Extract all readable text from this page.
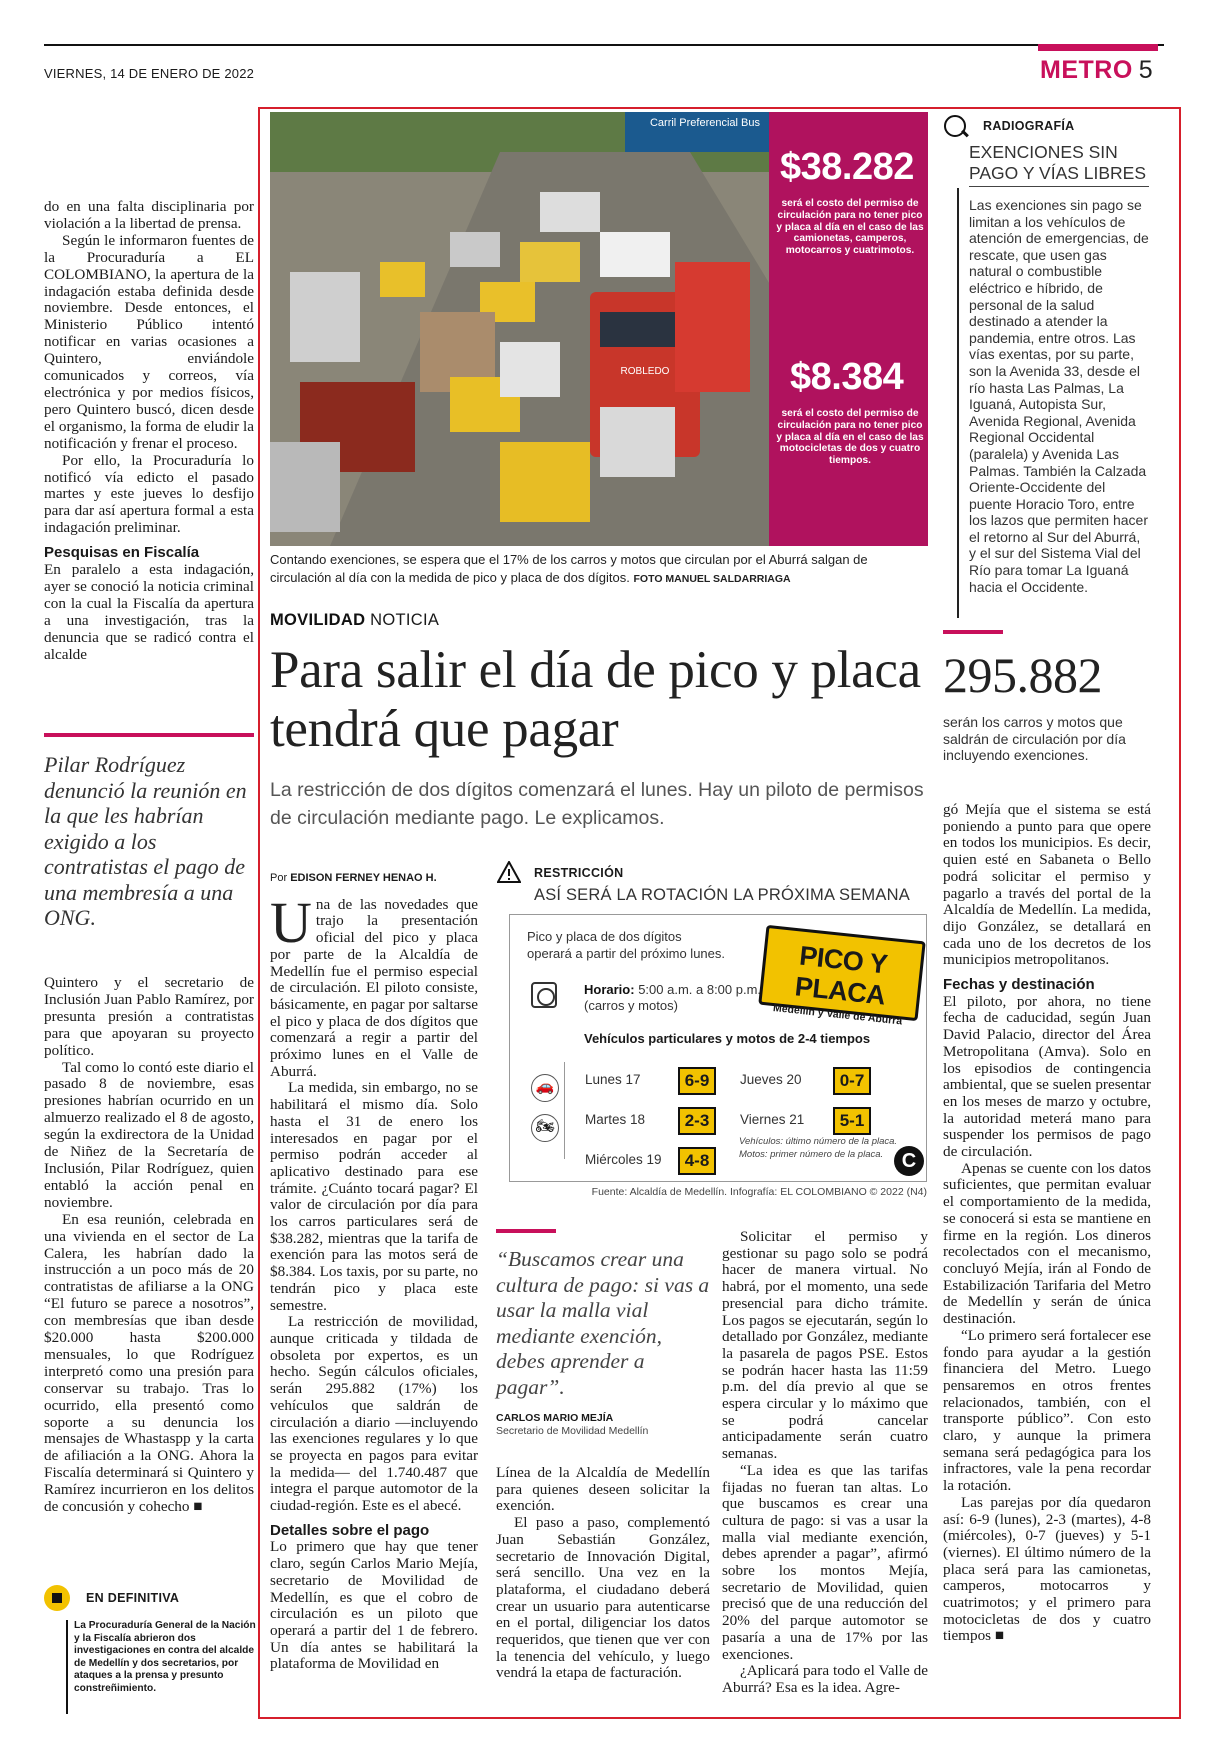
VIERNES, 14 DE ENERO DE 2022	METRO 5

do en una falta disciplinaria por violación a la libertad de prensa.

Según le informaron fuentes de la Procuraduría a EL COLOMBIANO, la apertura de la indagación estaba definida desde noviembre. Desde entonces, el Ministerio Público intentó notificar en varias ocasiones a Quintero, enviándole comunicados y correos, vía electrónica y por medios físicos, pero Quintero buscó, dicen desde el organismo, la forma de eludir la notificación y frenar el proceso.

Por ello, la Procuraduría lo notificó vía edicto el pasado martes y este jueves lo desfijo para dar así apertura formal a esta indagación preliminar.

Pesquisas en Fiscalía

En paralelo a esta indagación, ayer se conoció la noticia criminal con la cual la Fiscalía da apertura a una investigación, tras la denuncia que se radicó contra el alcalde

Pilar Rodríguez denunció la reunión en la que les habrían exigido a los contratistas el pago de una membresía a una ONG.

Quintero y el secretario de Inclusión Juan Pablo Ramírez, por presunta presión a contratistas para que apoyaran su proyecto político.

Tal como lo contó este diario el pasado 8 de noviembre, esas presiones habrían ocurrido en un almuerzo realizado el 8 de agosto, según la exdirectora de la Unidad de Niñez de la Secretaría de Inclusión, Pilar Rodríguez, quien entabló la acción penal en noviembre.

En esa reunión, celebrada en una vivienda en el sector de La Calera, les habrían dado la instrucción a un poco más de 20 contratistas de afiliarse a la ONG “El futuro se parece a nosotros”, con membresías que iban desde $20.000 hasta $200.000 mensuales, lo que Rodríguez interpretó como una presión para conservar su trabajo. Tras lo ocurrido, ella presentó como soporte a su denuncia los mensajes de Whastaspp y la carta de afiliación a la ONG. Ahora la Fiscalía determinará si Quintero y Ramírez incurrieron en los delitos de concusión y cohecho ■

EN DEFINITIVA
La Procuraduría General de la Nación y la Fiscalía abrieron dos investigaciones en contra del alcalde de Medellín y dos secretarios, por ataques a la prensa y presunto constreñimiento.
Carril Preferencial Bus
ROBLEDO
$38.282
será el costo del permiso de circulación para no tener pico y placa al día en el caso de las camionetas, camperos, motocarros y cuatrimotos.
$8.384
será el costo del permiso de circulación para no tener pico y placa al día en el caso de las motocicletas de dos y cuatro tiempos.
Contando exenciones, se espera que el 17% de los carros y motos que circulan por el Aburrá salgan de circulación al día con la medida de pico y placa de dos dígitos. FOTO MANUEL SALDARRIAGA
MOVILIDAD NOTICIA
Para salir el día de pico y placa tendrá que pagar
La restricción de dos dígitos comenzará el lunes. Hay un piloto de permisos de circulación mediante pago. Le explicamos.
RADIOGRAFÍA
EXENCIONES SIN PAGO Y VÍAS LIBRES
Las exenciones sin pago se limitan a los vehículos de atención de emergencias, de rescate, que usen gas natural o combustible eléctrico e híbrido, de personal de la salud destinado a atender la pandemia, entre otros. Las vías exentas, por su parte, son la Avenida 33, desde el río hasta Las Palmas, La Iguaná, Autopista Sur, Avenida Regional, Avenida Regional Occidental (paralela) y Avenida Las Palmas. También la Calzada Oriente-Occidente del puente Horacio Toro, entre los lazos que permiten hacer el retorno al Sur del Aburrá, y el sur del Sistema Vial del Río para tomar La Iguaná hacia el Occidente.
295.882
serán los carros y motos que saldrán de circulación por día incluyendo exenciones.
Por EDISON FERNEY HENAO H.

Una de las novedades que trajo la presentación oficial del pico y placa por parte de la Alcaldía de Medellín fue el permiso especial de circulación. El piloto consiste, básicamente, en pagar por saltarse el pico y placa de dos dígitos que comenzará a regir a partir del próximo lunes en el Valle de Aburrá.

La medida, sin embargo, no se habilitará el mismo día. Solo hasta el 31 de enero los interesados en pagar por el permiso podrán acceder al aplicativo destinado para ese trámite. ¿Cuánto tocará pagar? El valor de circulación por día para los carros particulares será de $38.282, mientras que la tarifa de exención para las motos será de $8.384. Los taxis, por su parte, no tendrán pico y placa este semestre.

La restricción de movilidad, aunque criticada y tildada de obsoleta por expertos, es un hecho. Según cálculos oficiales, serán 295.882 (17%) los vehículos que saldrán de circulación a diario —incluyendo las exenciones regulares y lo que se proyecta en pagos para evitar la medida— del 1.740.487 que integra el parque automotor de la ciudad-región. Este es el abecé.

Detalles sobre el pago

Lo primero que hay que tener claro, según Carlos Mario Mejía, secretario de Movilidad de Medellín, es que el cobro de circulación es un piloto que operará a partir del 1 de febrero. Un día antes se habilitará la plataforma de Movilidad en

RESTRICCIÓN
ASÍ SERÁ LA ROTACIÓN LA PRÓXIMA SEMANA
Pico y placa de dos dígitos
operará a partir del próximo lunes.	PICO Y PLACA
Medellín y Valle de Aburrá
Horario: 5:00 a.m. a 8:00 p.m.
(carros y motos)
Vehículos particulares y motos de 2-4 tiempos
🚗
🏍
Lunes 17	6-9
Martes 18	2-3
Miércoles 19	4-8
Jueves 20	0-7
Viernes 21	5-1
Vehículos: último número de la placa.
Motos: primer número de la placa. C
Fuente: Alcaldía de Medellín. Infografía: EL COLOMBIANO © 2022 (N4)
“Buscamos crear una cultura de pago: si vas a usar la malla vial mediante exención, debes aprender a pagar”.
CARLOS MARIO MEJÍA
Secretario de Movilidad Medellín

Línea de la Alcaldía de Medellín para quienes deseen solicitar la exención.

El paso a paso, complementó Juan Sebastián González, secretario de Innovación Digital, será sencillo. Una vez en la plataforma, el ciudadano deberá crear un usuario para autenticarse en el portal, diligenciar los datos requeridos, que tienen que ver con la tenencia del vehículo, y luego vendrá la etapa de facturación.

Solicitar el permiso y gestionar su pago solo se podrá hacer de manera virtual. No habrá, por el momento, una sede presencial para dicho trámite. Los pagos se ejecutarán, según lo detallado por González, mediante la pasarela de pagos PSE. Estos se podrán hacer hasta las 11:59 p.m. del día previo al que se espera circular y lo máximo que se podrá cancelar anticipadamente serán cuatro semanas.

“La idea es que las tarifas fijadas no fueran tan altas. Lo que buscamos es crear una cultura de pago: si vas a usar la malla vial mediante exención, debes aprender a pagar”, afirmó sobre los montos Mejía, secretario de Movilidad, quien precisó que de una reducción del 20% del parque automotor se pasaría a una de 17% por las exenciones.

¿Aplicará para todo el Valle de Aburrá? Esa es la idea. Agre-

gó Mejía que el sistema se está poniendo a punto para que opere en todos los municipios. Es decir, quien esté en Sabaneta o Bello podrá solicitar el permiso y pagarlo a través del portal de la Alcaldía de Medellín. La medida, dijo González, se detallará en cada uno de los decretos de los municipios metropolitanos.

Fechas y destinación

El piloto, por ahora, no tiene fecha de caducidad, según Juan David Palacio, director del Área Metropolitana (Amva). Solo en los episodios de contingencia ambiental, que se suelen presentar en los meses de marzo y octubre, la autoridad meterá mano para suspender los permisos de pago de circulación.

Apenas se cuente con los datos suficientes, que permitan evaluar el comportamiento de la medida, se conocerá si esta se mantiene en firme en la región. Los dineros recolectados con el mecanismo, concluyó Mejía, irán al Fondo de Estabilización Tarifaria del Metro de Medellín y serán de única destinación.

“Lo primero será fortalecer ese fondo para ayudar a la gestión financiera del Metro. Luego pensaremos en otros frentes relacionados, también, con el transporte público”. Con esto claro, y aunque la primera semana será pedagógica para los infractores, vale la pena recordar la rotación.

Las parejas por día quedaron así: 6-9 (lunes), 2-3 (martes), 4-8 (miércoles), 0-7 (jueves) y 5-1 (viernes). El último número de la placa será para las camionetas, camperos, motocarros y cuatrimotos; y el primero para motocicletas de dos y cuatro tiempos ■
